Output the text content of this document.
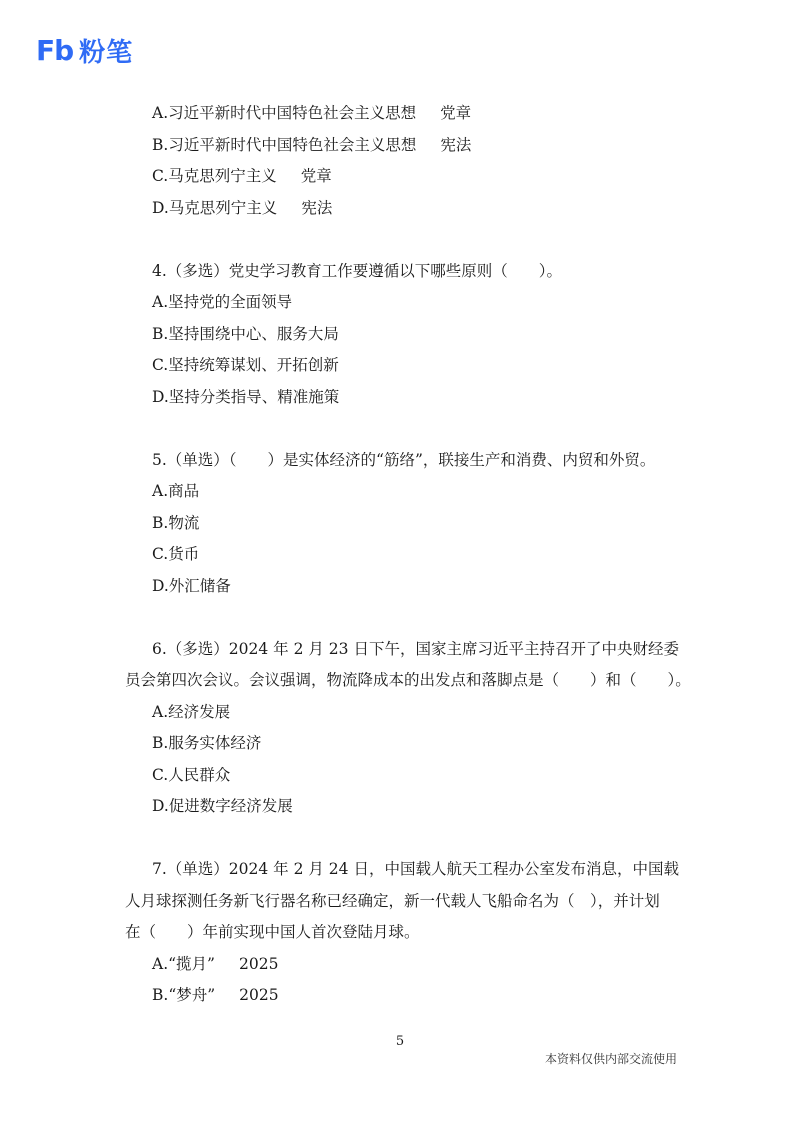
Fb 粉笔
A.习近平新时代中国特色社会主义思想 党章
B.习近平新时代中国特色社会主义思想 宪法
C.马克思列宁主义 党章
D.马克思列宁主义 宪法
4.（多选）党史学习教育工作要遵循以下哪些原则（　　）。
A.坚持党的全面领导
B.坚持围绕中心、服务大局
C.坚持统筹谋划、开拓创新
D.坚持分类指导、精准施策
5.（单选）（　　）是实体经济的“筋络”，联接生产和消费、内贸和外贸。
A.商品
B.物流
C.货币
D.外汇储备
6.（多选）2024 年 2 月 23 日下午，国家主席习近平主持召开了中央财经委
员会第四次会议。会议强调，物流降成本的出发点和落脚点是（　　）和（　　）。
A.经济发展
B.服务实体经济
C.人民群众
D.促进数字经济发展
7.（单选）2024 年 2 月 24 日，中国载人航天工程办公室发布消息，中国载
人月球探测任务新飞行器名称已经确定，新一代载人飞船命名为（　），并计划
在（　　）年前实现中国人首次登陆月球。
A.“揽月” 2025
B.“梦舟” 2025
5
本资料仅供内部交流使用
